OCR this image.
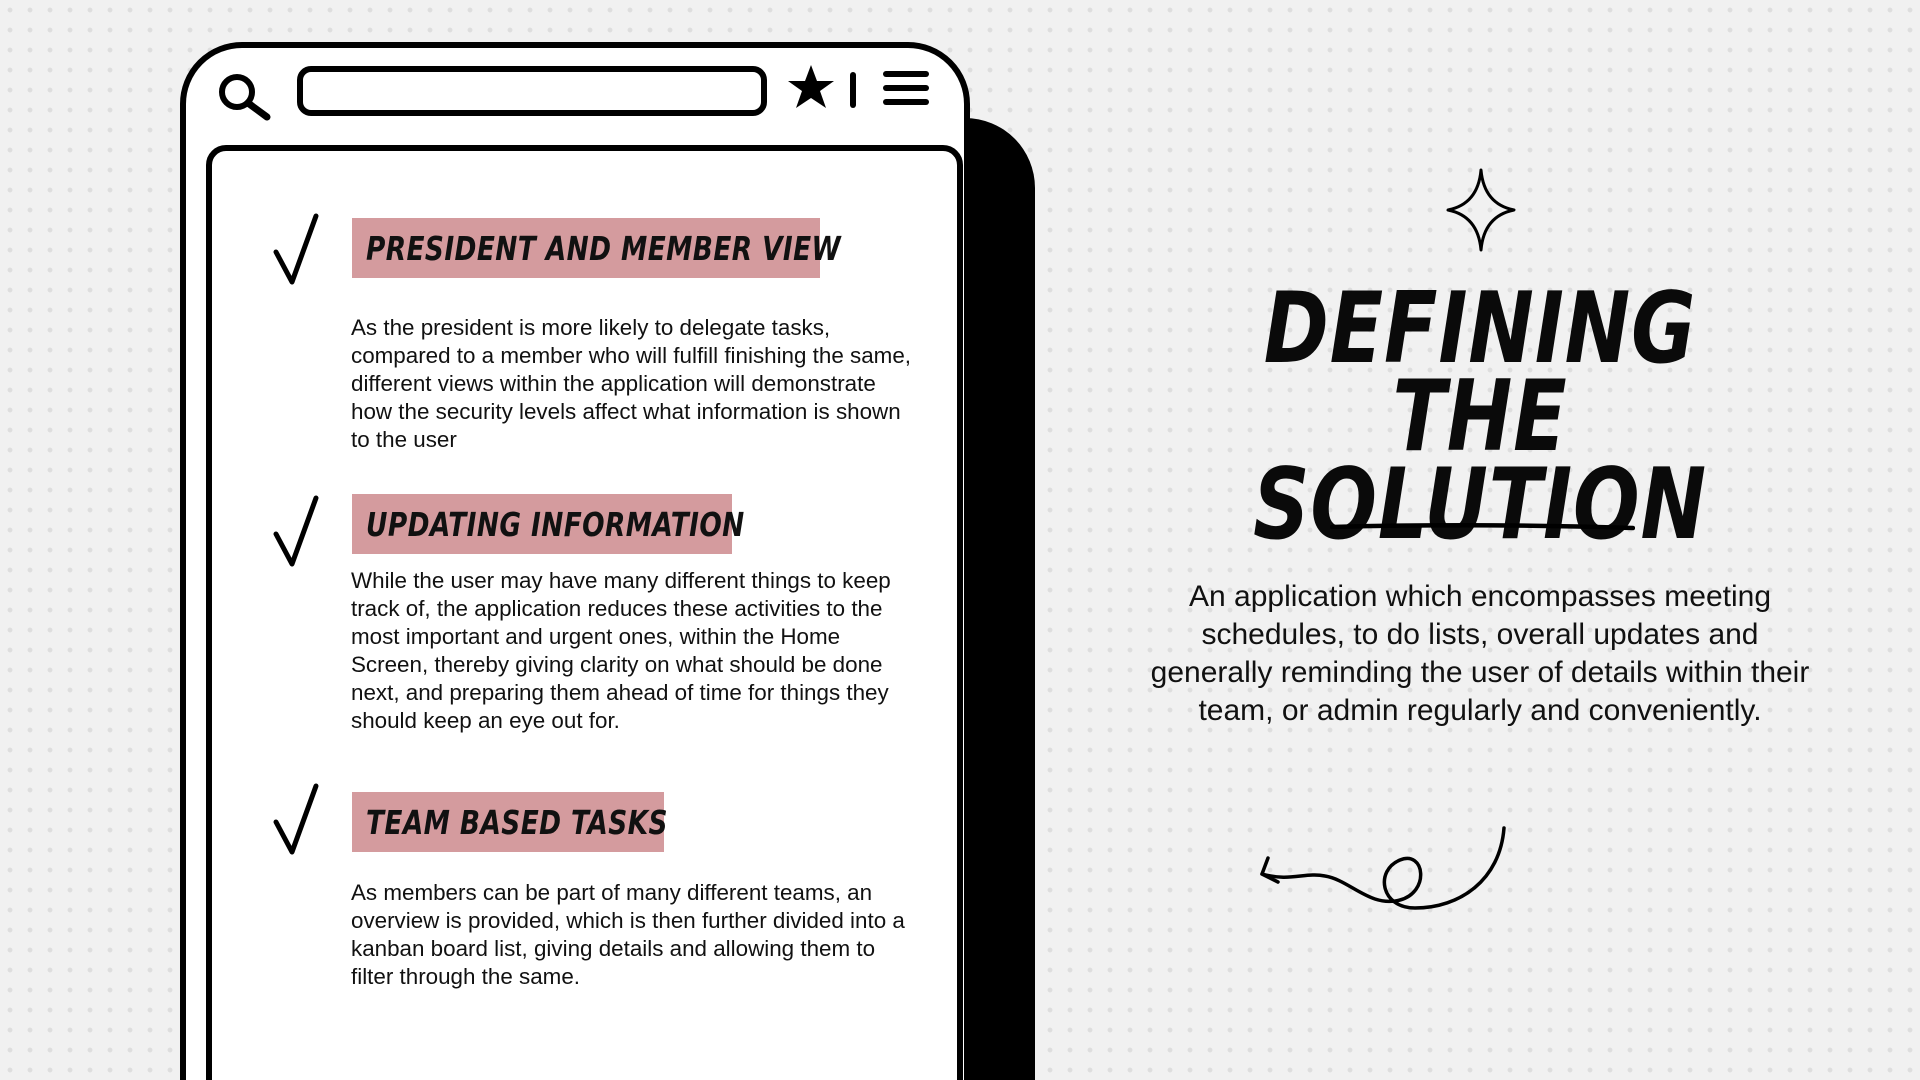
PRESIDENT AND MEMBER VIEW

As the president is more likely to delegate tasks, compared to a member who will fulfill finishing the same, different views within the application will demonstrate how the security levels affect what information is shown to the user

UPDATING INFORMATION

While the user may have many different things to keep track of, the application reduces these activities to the most important and urgent ones, within the Home Screen, thereby giving clarity on what should be done next, and preparing them ahead of time for things they should keep an eye out for.

TEAM BASED TASKS

As members can be part of many different teams, an overview is provided, which is then further divided into a kanban board list, giving details and allowing them to filter through the same.

DEFINING THE
SOLUTION

An application which encompasses meeting schedules, to do lists, overall updates and generally reminding the user of details within their team, or admin regularly and conveniently.
